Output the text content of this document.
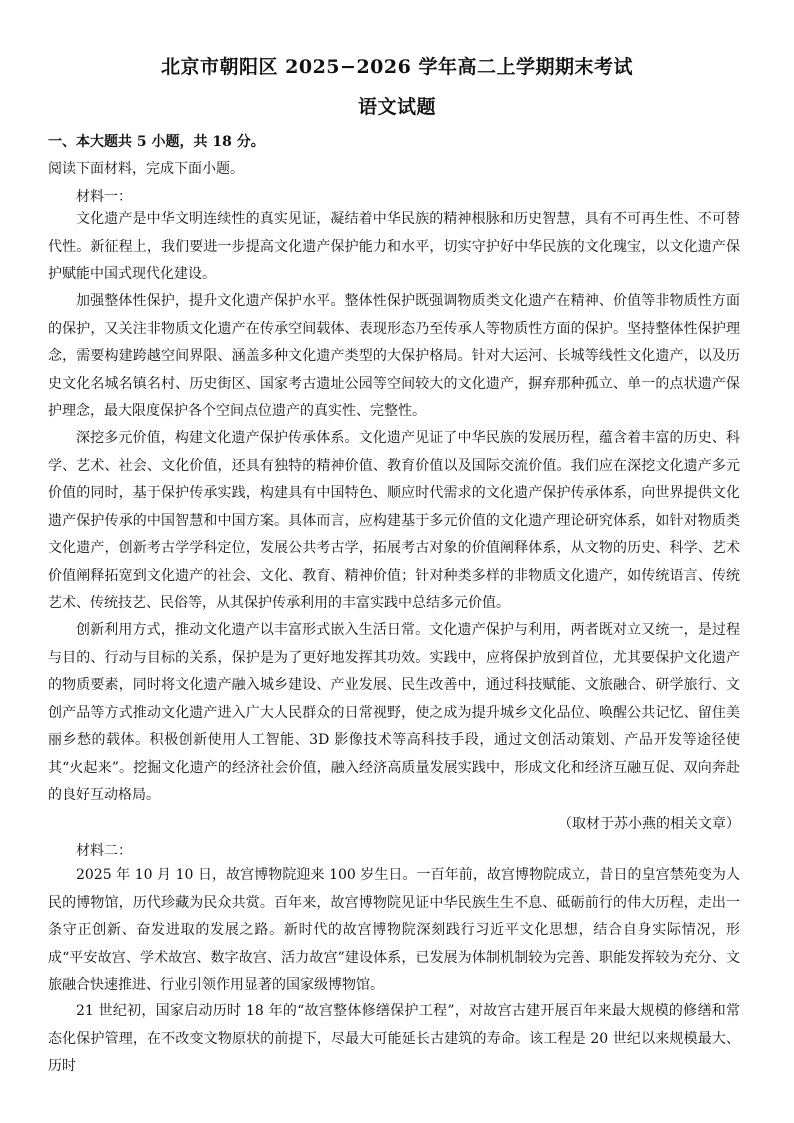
北京市朝阳区 2025−2026 学年高二上学期期末考试
语文试题
一、本大题共 5 小题，共 18 分。
阅读下面材料，完成下面小题。
材料一：

文化遗产是中华文明连续性的真实见证，凝结着中华民族的精神根脉和历史智慧，具有不可再生性、不可替代性。新征程上，我们要进一步提高文化遗产保护能力和水平，切实守护好中华民族的文化瑰宝，以文化遗产保护赋能中国式现代化建设。

加强整体性保护，提升文化遗产保护水平。整体性保护既强调物质类文化遗产在精神、价值等非物质性方面的保护，又关注非物质文化遗产在传承空间载体、表现形态乃至传承人等物质性方面的保护。坚持整体性保护理念，需要构建跨越空间界限、涵盖多种文化遗产类型的大保护格局。针对大运河、长城等线性文化遗产，以及历史文化名城名镇名村、历史街区、国家考古遗址公园等空间较大的文化遗产，摒弃那种孤立、单一的点状遗产保护理念，最大限度保护各个空间点位遗产的真实性、完整性。

深挖多元价值，构建文化遗产保护传承体系。文化遗产见证了中华民族的发展历程，蕴含着丰富的历史、科学、艺术、社会、文化价值，还具有独特的精神价值、教育价值以及国际交流价值。我们应在深挖文化遗产多元价值的同时，基于保护传承实践，构建具有中国特色、顺应时代需求的文化遗产保护传承体系，向世界提供文化遗产保护传承的中国智慧和中国方案。具体而言，应构建基于多元价值的文化遗产理论研究体系，如针对物质类文化遗产，创新考古学学科定位，发展公共考古学，拓展考古对象的价值阐释体系，从文物的历史、科学、艺术价值阐释拓宽到文化遗产的社会、文化、教育、精神价值；针对种类多样的非物质文化遗产，如传统语言、传统艺术、传统技艺、民俗等，从其保护传承利用的丰富实践中总结多元价值。

创新利用方式，推动文化遗产以丰富形式嵌入生活日常。文化遗产保护与利用，两者既对立又统一，是过程与目的、行动与目标的关系，保护是为了更好地发挥其功效。实践中，应将保护放到首位，尤其要保护文化遗产的物质要素，同时将文化遗产融入城乡建设、产业发展、民生改善中，通过科技赋能、文旅融合、研学旅行、文创产品等方式推动文化遗产进入广大人民群众的日常视野，使之成为提升城乡文化品位、唤醒公共记忆、留住美丽乡愁的载体。积极创新使用人工智能、3D 影像技术等高科技手段，通过文创活动策划、产品开发等途径使其“火起来”。挖掘文化遗产的经济社会价值，融入经济高质量发展实践中，形成文化和经济互融互促、双向奔赴的良好互动格局。

（取材于苏小燕的相关文章）
材料二：

2025 年 10 月 10 日，故宫博物院迎来 100 岁生日。一百年前，故宫博物院成立，昔日的皇宫禁苑变为人民的博物馆，历代珍藏为民众共赏。百年来，故宫博物院见证中华民族生生不息、砥砺前行的伟大历程，走出一条守正创新、奋发进取的发展之路。新时代的故宫博物院深刻践行习近平文化思想，结合自身实际情况，形成“平安故宫、学术故宫、数字故宫、活力故宫”建设体系，已发展为体制机制较为完善、职能发挥较为充分、文旅融合快速推进、行业引领作用显著的国家级博物馆。

21 世纪初，国家启动历时 18 年的“故宫整体修缮保护工程”，对故宫古建开展百年来最大规模的修缮和常态化保护管理，在不改变文物原状的前提下，尽最大可能延长古建筑的寿命。该工程是 20 世纪以来规模最大、历时
